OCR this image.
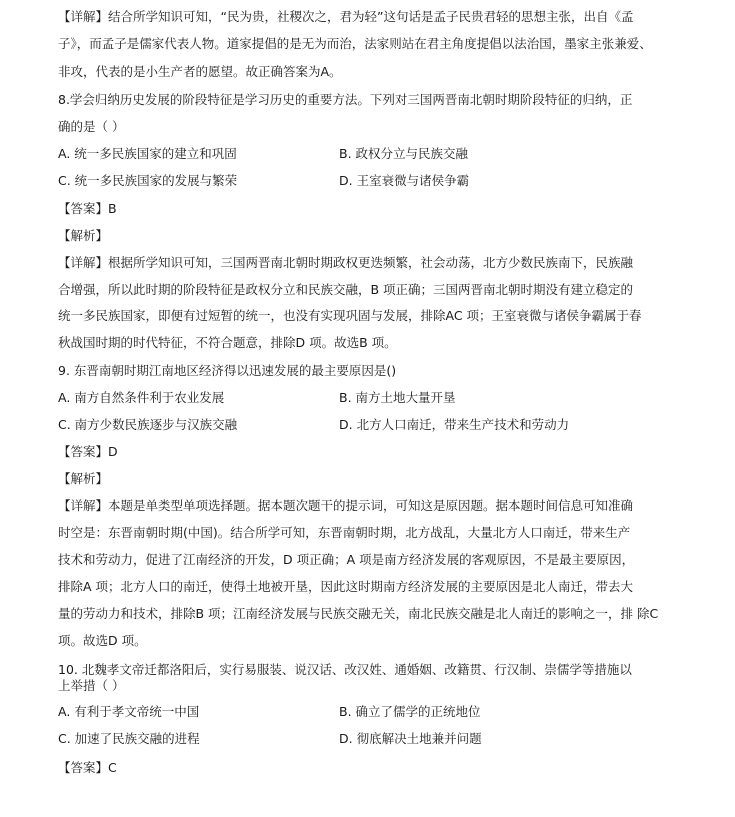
【详解】结合所学知识可知，“民为贵，社稷次之，君为轻”这句话是孟子民贵君轻的思想主张，出自《孟
子》，而孟子是儒家代表人物。道家提倡的是无为而治，法家则站在君主角度提倡以法治国，墨家主张兼爱、
非攻，代表的是小生产者的愿望。故正确答案为A。
8.学会归纳历史发展的阶段特征是学习历史的重要方法。下列对三国两晋南北朝时期阶段特征的归纳，正
确的是（ ）
A. 统一多民族国家的建立和巩固	B. 政权分立与民族交融
C. 统一多民族国家的发展与繁荣	D. 王室衰微与诸侯争霸
【答案】B
【解析】
【详解】根据所学知识可知，三国两晋南北朝时期政权更迭频繁，社会动荡，北方少数民族南下，民族融
合增强，所以此时期的阶段特征是政权分立和民族交融，B 项正确；三国两晋南北朝时期没有建立稳定的
统一多民族国家，即便有过短暂的统一，也没有实现巩固与发展，排除AC 项；王室衰微与诸侯争霸属于春
秋战国时期的时代特征，不符合题意，排除D 项。故选B 项。
9. 东晋南朝时期江南地区经济得以迅速发展的最主要原因是()
A. 南方自然条件利于农业发展	B. 南方土地大量开垦
C. 南方少数民族逐步与汉族交融	D. 北方人口南迁，带来生产技术和劳动力
【答案】D
【解析】
【详解】本题是单类型单项选择题。据本题次题干的提示词，可知这是原因题。据本题时间信息可知准确
时空是：东晋南朝时期(中国)。结合所学可知，东晋南朝时期，北方战乱，大量北方人口南迁，带来生产
技术和劳动力，促进了江南经济的开发，D 项正确；A 项是南方经济发展的客观原因，不是最主要原因，
排除A 项；北方人口的南迁，使得土地被开垦，因此这时期南方经济发展的主要原因是北人南迁，带去大
量的劳动力和技术，排除B 项；江南经济发展与民族交融无关，南北民族交融是北人南迁的影响之一，排 除C
项。故选D 项。
10. 北魏孝文帝迁都洛阳后，实行易服装、说汉话、改汉姓、通婚姻、改籍贯、行汉制、崇儒学等措施以
上举措（ ）
A. 有利于孝文帝统一中国	B. 确立了儒学的正统地位
C. 加速了民族交融的进程	D. 彻底解决土地兼并问题
【答案】C
